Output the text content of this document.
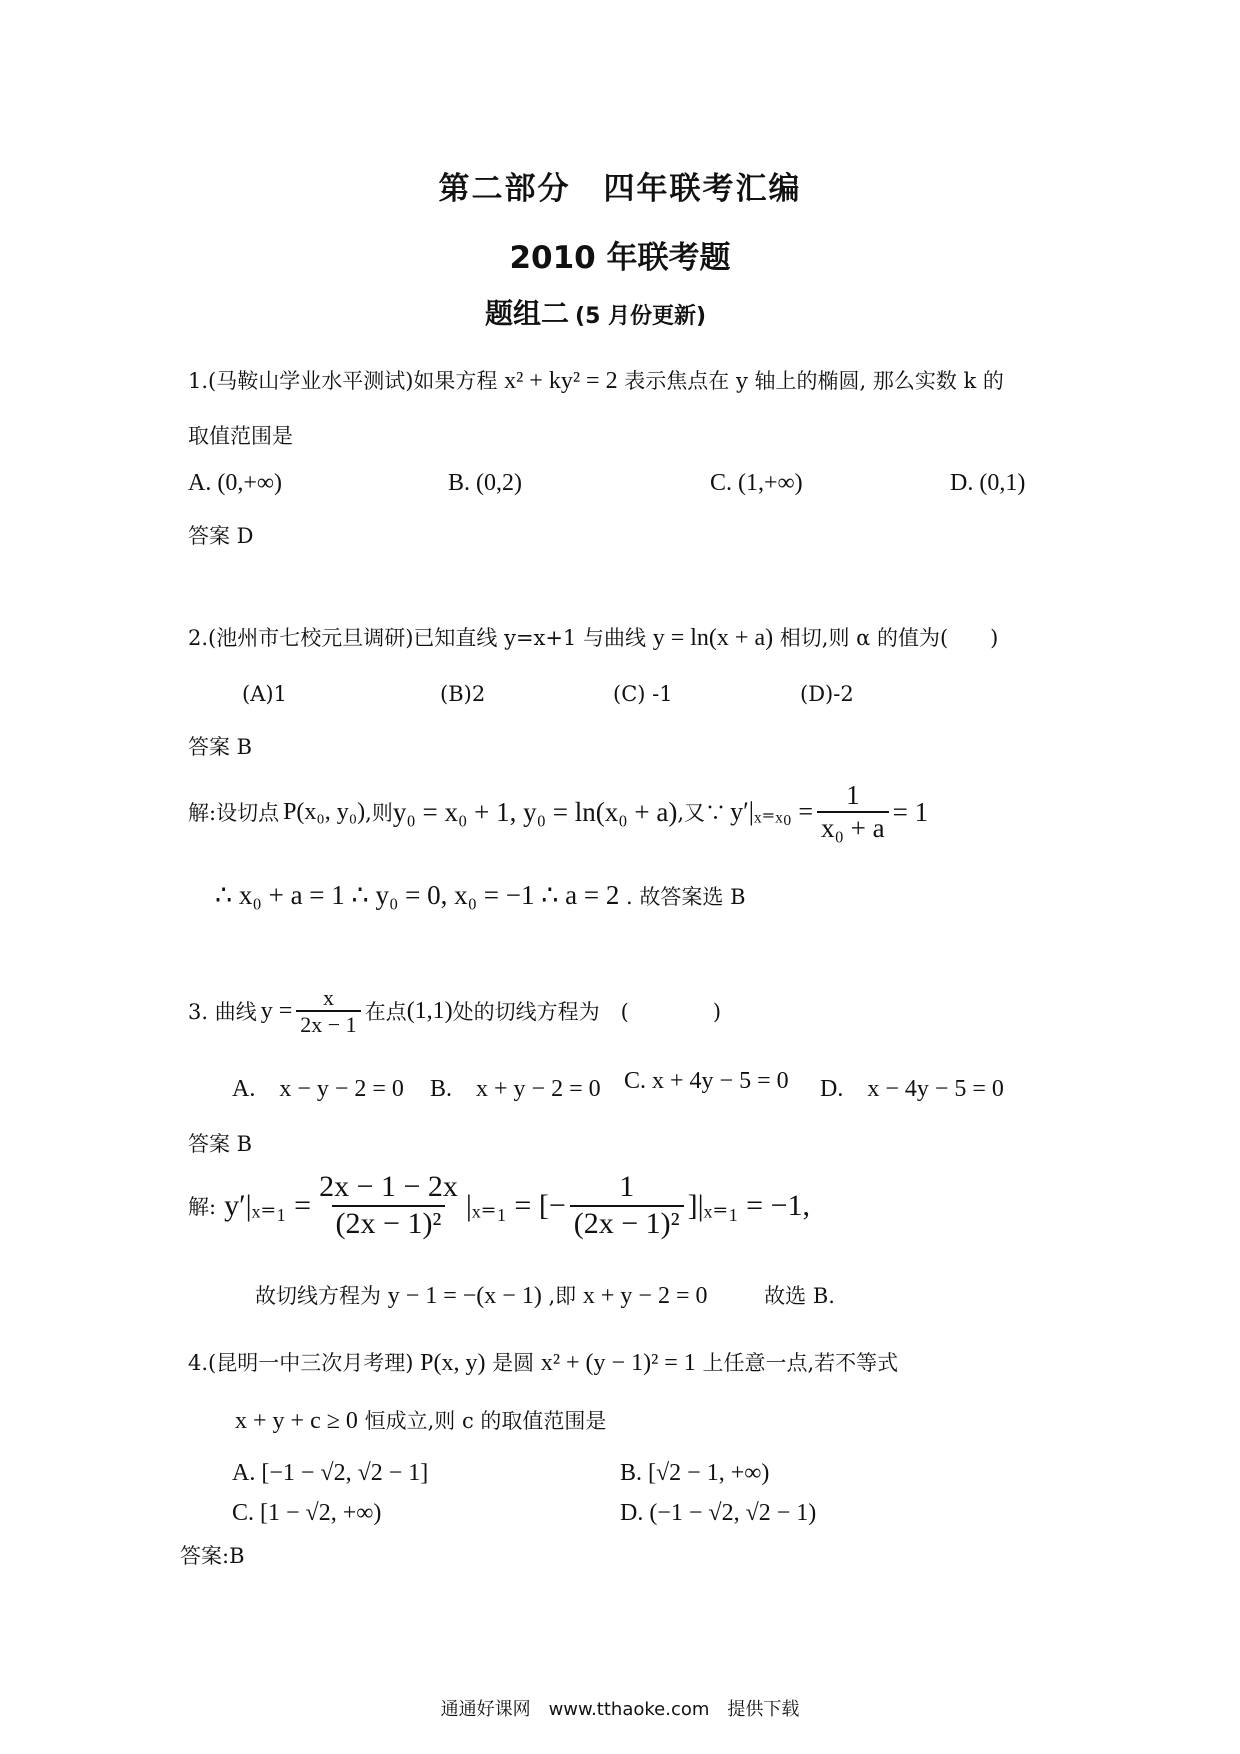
第二部分　四年联考汇编
2010 年联考题
题组二 (5 月份更新)
1.(马鞍山学业水平测试)如果方程 x² + ky² = 2 表示焦点在 y 轴上的椭圆, 那么实数 k 的
取值范围是
A. (0,+∞)	B. (0,2)	C. (1,+∞)	D. (0,1)
答案 D
2.(池州市七校元旦调研)已知直线 y=x+1 与曲线 y = ln(x + a) 相切,则 α 的值为(　　)
(A)1	(B)2	(C) -1	(D)-2
答案 B
解:设切点 P(x₀, y₀) ,则 y₀ = x₀ + 1, y₀ = ln(x₀ + a) ,又∵ $y'|_{x=x0} = \frac{1}{\text{x₀ + a}} = 1$
∴ x₀ + a = 1 ∴ y₀ = 0, x₀ = −1 ∴ a = 2 . 故答案选 B
3. 曲线 $y = \frac{x}{2x - 1}$ 在点 (1,1) 处的切线方程为　(　　　　)
A.　x − y − 2 = 0 B.　x + y − 2 = 0 C. x + 4y − 5 = 0 D.　x − 4y − 5 = 0
答案 B
解: $y'|_{x=1} = \frac{2x - 1 - 2x}{\text{(2x − 1)²}} |_{x=1}$ = [− $\frac{1}{\text{(2x − 1)²}} ]|_{x=1} = -1$,
故切线方程为 y − 1 = −(x − 1) ,即 x + y − 2 = 0	故选 B.
4.(昆明一中三次月考理) P(x, y) 是圆 x² + (y − 1)² = 1 上任意一点,若不等式
x + y + c ≥ 0 恒成立,则 c 的取值范围是
A. [−1 − √2, √2 − 1]	B. [√2 − 1, +∞)
C. [1 − √2, +∞)	D. (−1 − √2, √2 − 1)
答案:B
通通好课网　www.tthaoke.com　提供下载
